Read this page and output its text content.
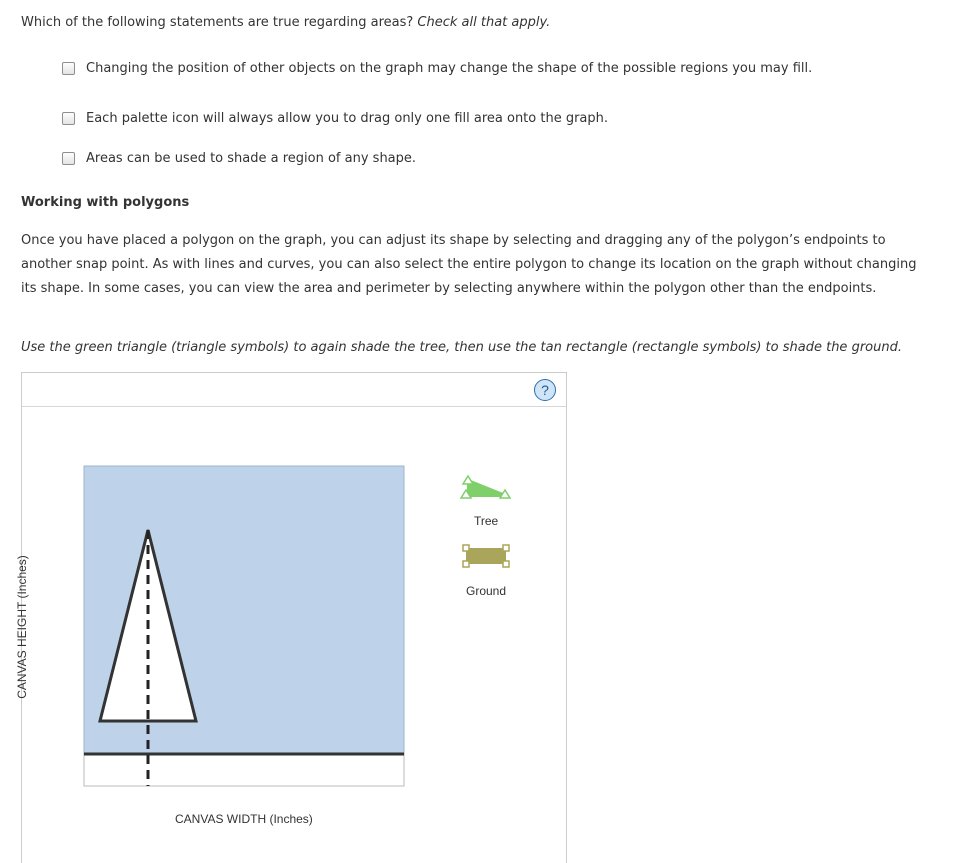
Which of the following statements are true regarding areas? Check all that apply.
Changing the position of other objects on the graph may change the shape of the possible regions you may fill.
Each palette icon will always allow you to drag only one fill area onto the graph.
Areas can be used to shade a region of any shape.
Working with polygons
Once you have placed a polygon on the graph, you can adjust its shape by selecting and dragging any of the polygon’s endpoints to another snap point. As with lines and curves, you can also select the entire polygon to change its location on the graph without changing its shape. In some cases, you can view the area and perimeter by selecting anywhere within the polygon other than the endpoints.
Use the green triangle (triangle symbols) to again shade the tree, then use the tan rectangle (rectangle symbols) to shade the ground.
?
Tree
Ground
CANVAS HEIGHT (Inches)
CANVAS WIDTH (Inches)
